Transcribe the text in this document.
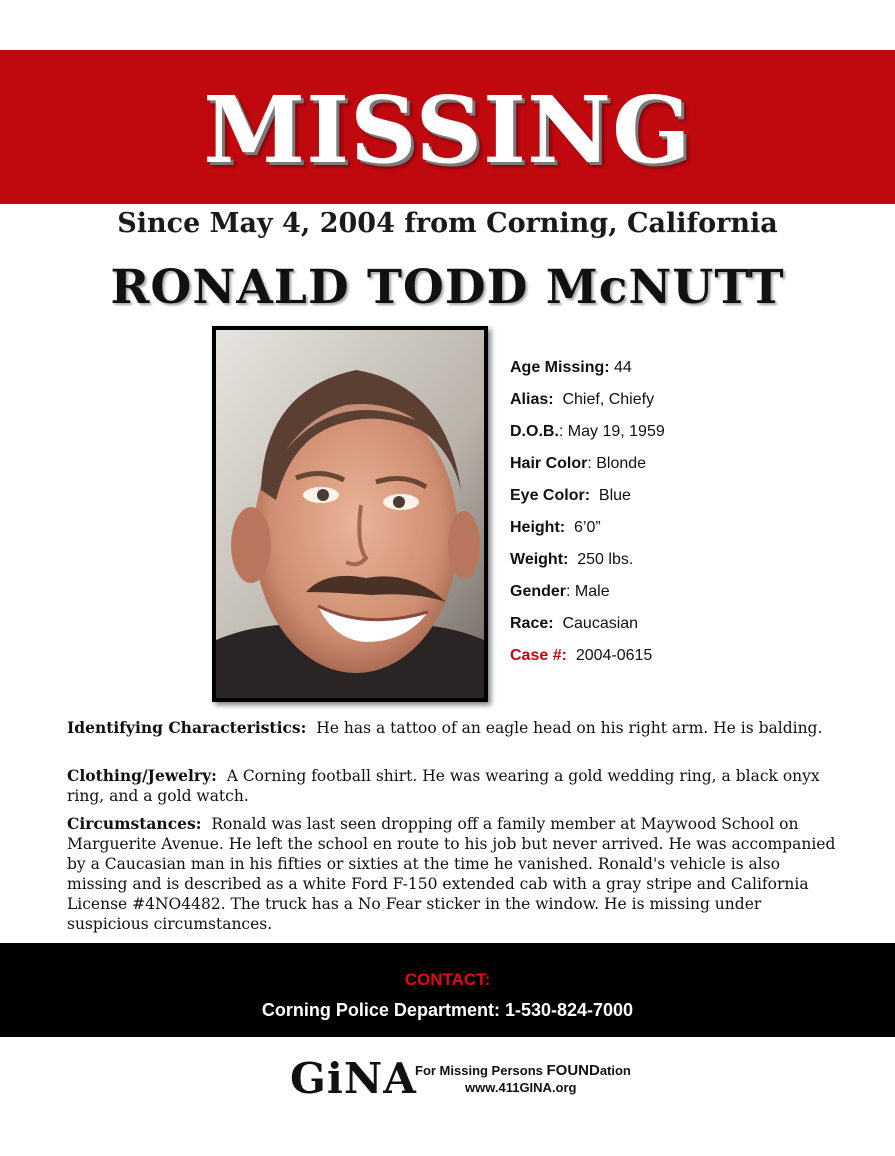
MISSING
Since May 4, 2004 from Corning, California
RONALD TODD McNUTT
Age Missing: 44
Alias: Chief, Chiefy
D.O.B.: May 19, 1959
Hair Color: Blonde
Eye Color: Blue
Height: 6’0”
Weight: 250 lbs.
Gender: Male
Race: Caucasian
Case #: 2004-0615
Identifying Characteristics: He has a tattoo of an eagle head on his right arm. He is balding.
Clothing/Jewelry: A Corning football shirt. He was wearing a gold wedding ring, a black onyx ring, and a gold watch.
Circumstances: Ronald was last seen dropping off a family member at Maywood School on Marguerite Avenue. He left the school en route to his job but never arrived. He was accompanied by a Caucasian man in his fifties or sixties at the time he vanished. Ronald's vehicle is also missing and is described as a white Ford F-150 extended cab with a gray stripe and California License #4NO4482. The truck has a No Fear sticker in the window. He is missing under suspicious circumstances.
CONTACT:
Corning Police Department: 1-530-824-7000
GiNA
For Missing Persons FOUNDation
www.411GINA.org
